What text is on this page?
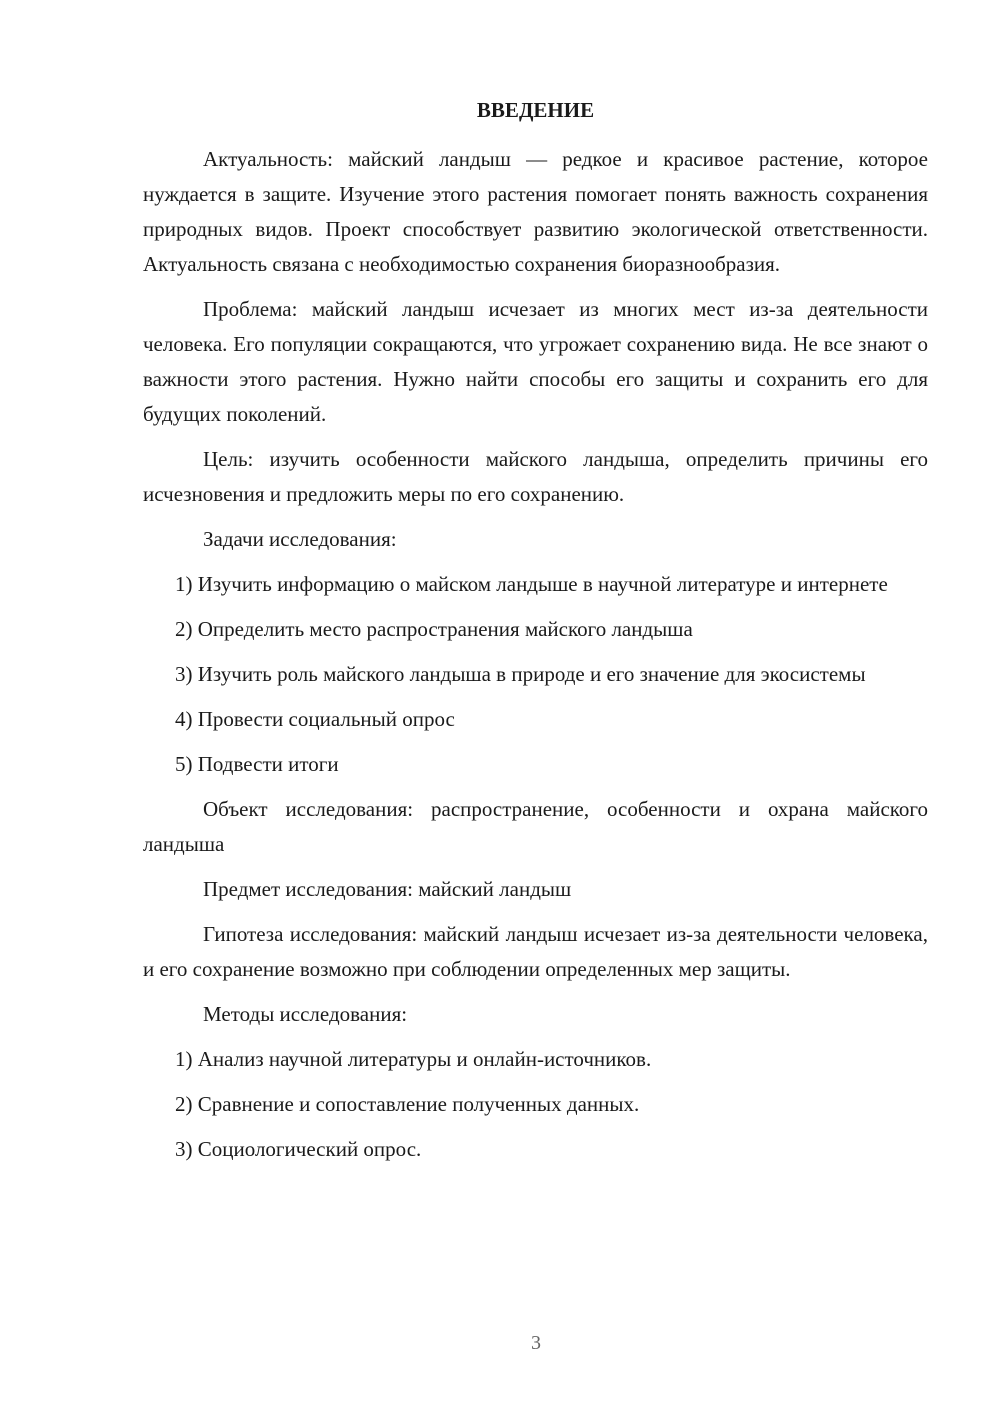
ВВЕДЕНИЕ

Актуальность: майский ландыш — редкое и красивое растение, которое нуждается в защите. Изучение этого растения помогает понять важность сохранения природных видов. Проект способствует развитию экологической ответственности. Актуальность связана с необходимостью сохранения биоразнообразия.

Проблема: майский ландыш исчезает из многих мест из-за деятельности человека. Его популяции сокращаются, что угрожает сохранению вида. Не все знают о важности этого растения. Нужно найти способы его защиты и сохранить его для будущих поколений.

Цель: изучить особенности майского ландыша, определить причины его исчезновения и предложить меры по его сохранению.

Задачи исследования:

1) Изучить информацию о майском ландыше в научной литературе и интернете

2) Определить место распространения майского ландыша

3) Изучить роль майского ландыша в природе и его значение для экосистемы

4) Провести социальный опрос

5) Подвести итоги

Объект исследования: распространение, особенности и охрана майского ландыша

Предмет исследования: майский ландыш

Гипотеза исследования: майский ландыш исчезает из-за деятельности человека, и его сохранение возможно при соблюдении определенных мер защиты.

Методы исследования:

1) Анализ научной литературы и онлайн-источников.

2) Сравнение и сопоставление полученных данных.

3) Социологический опрос.

3
